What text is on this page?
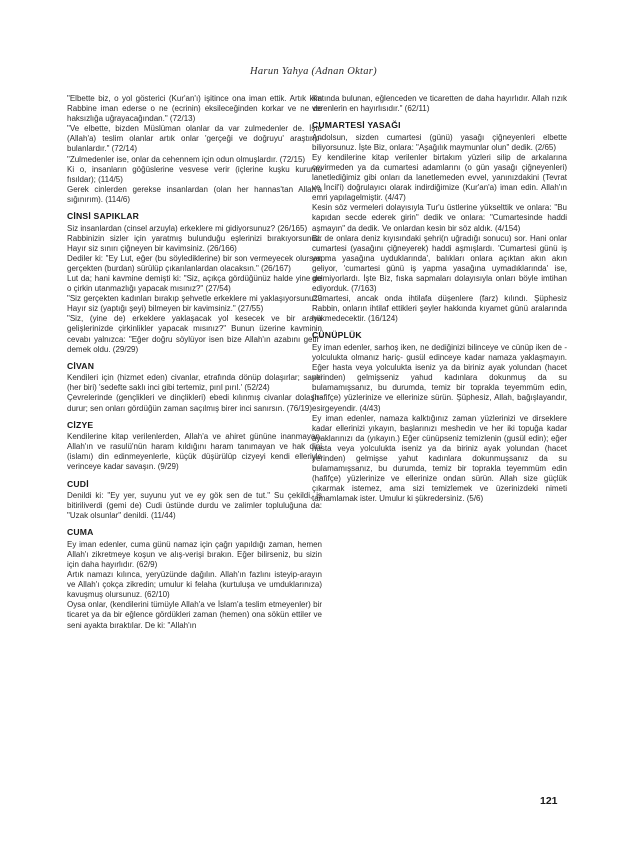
Harun Yahya (Adnan Oktar)

"Elbette biz, o yol gösterici (Kur'an'ı) işitince ona iman ettik. Artık kim Rabbine iman ederse o ne (ecrinin) eksileceğinden korkar ve ne de haksızlığa uğrayacağından." (72/13)

"Ve elbette, bizden Müslüman olanlar da var zulmedenler de. İşte (Allah'a) teslim olanlar artık onlar 'gerçeği ve doğruyu' araştırıp-bulanlardır." (72/14)

"Zulmedenler ise, onlar da cehennem için odun olmuşlardır. (72/15)

Ki o, insanların göğüslerine vesvese verir (içlerine kuşku kuruntu fısıldar); (114/5)

Gerek cinlerden gerekse insanlardan (olan her hannas'tan Allah'a sığınırım). (114/6)

CİNSİ SAPIKLAR

Siz insanlardan (cinsel arzuyla) erkeklere mi gidiyorsunuz? (26/165)

Rabbinizin sizler için yaratmış bulunduğu eşlerinizi bırakıyorsunuz. Hayır siz sınırı çiğneyen bir kavimsiniz. (26/166)

Dediler ki: "Ey Lut, eğer (bu söylediklerine) bir son vermeyecek olursan gerçekten (burdan) sürülüp çıkarılanlardan olacaksın." (26/167)

Lut da; hani kavmine demişti ki: "Siz, açıkça gördüğünüz halde yine de o çirkin utanmazlığı yapacak mısınız?" (27/54)

"Siz gerçekten kadınları bırakıp şehvetle erkeklere mi yaklaşıyorsunuz? Hayır siz (yaptığı şeyi) bilmeyen bir kavimsiniz." (27/55)

"Siz, (yine de) erkeklere yaklaşacak yol kesecek ve bir araya gelişlerinizde çirkinlikler yapacak mısınız?" Bunun üzerine kavminin cevabı yalnızca: "Eğer doğru söylüyor isen bize Allah'ın azabını getir" demek oldu. (29/29)

CİVAN

Kendileri için (hizmet eden) civanlar, etrafında dönüp dolaşırlar; sanki (her biri) 'sedefte saklı inci gibi tertemiz, pırıl pırıl.' (52/24)

Çevrelerinde (gençlikleri ve dinçlikleri) ebedi kılınmış civanlar dolaşır-durur; sen onları gördüğün zaman saçılmış birer inci sanırsın. (76/19)

CİZYE

Kendilerine kitap verilenlerden, Allah'a ve ahiret gününe inanmayan, Allah'ın ve rasulü'nün haram kıldığını haram tanımayan ve hak dini (islamı) din edinmeyenlerle, küçük düşürülüp cizyeyi kendi elleriyle verinceye kadar savaşın. (9/29)

CUDİ

Denildi ki: "Ey yer, suyunu yut ve ey gök sen de tut." Su çekildi, iş bitiriliverdi (gemi de) Cudi üstünde durdu ve zalimler topluluğuna da: "Uzak olsunlar" denildi. (11/44)

CUMA

Ey iman edenler, cuma günü namaz için çağrı yapıldığı zaman, hemen Allah'ı zikretmeye koşun ve alış-verişi bırakın. Eğer bilirseniz, bu sizin için daha hayırlıdır. (62/9)

Artık namazı kılınca, yeryüzünde dağılın. Allah'ın fazlını isteyip-arayın ve Allah'ı çokça zikredin; umulur ki felaha (kurtuluşa ve umduklarınıza) kavuşmuş olursunuz. (62/10)

Oysa onlar, (kendilerini tümüyle Allah'a ve İslam'a teslim etmeyenler) bir ticaret ya da bir eğlence gördükleri zaman (hemen) ona sökün ettiler ve seni ayakta bıraktılar. De ki: "Allah'ın

Katında bulunan, eğlenceden ve ticaretten de daha hayırlıdır. Allah rızık verenlerin en hayırlısıdır." (62/11)

CUMARTESİ YASAĞI

Andolsun, sizden cumartesi (günü) yasağı çiğneyenleri elbette biliyorsunuz. İşte Biz, onlara: "Aşağılık maymunlar olun" dedik. (2/65)

Ey kendilerine kitap verilenler birtakım yüzleri silip de arkalarına çevirmeden ya da cumartesi adamlarını (o gün yasağı çiğneyenleri) lanetlediğimiz gibi onları da lanetlemeden evvel, yanınızdakini (Tevrat ve İncil'i) doğrulayıcı olarak indirdiğimize (Kur'an'a) iman edin. Allah'ın emri yapılagelmiştir. (4/47)

Kesin söz vermeleri dolayısıyla Tur'u üstlerine yükselttik ve onlara: "Bu kapıdan secde ederek girin" dedik ve onlara: "Cumartesinde haddi aşmayın" da dedik. Ve onlardan kesin bir söz aldık. (4/154)

Bir de onlara deniz kıyısındaki şehri(n uğradığı sonucu) sor. Hani onlar cumartesi (yasağını çiğneyerek) haddi aşmışlardı. 'Cumartesi günü iş yapma yasağına uyduklarında', balıkları onlara açıktan akın akın geliyor, 'cumartesi günü iş yapma yasağına uymadıklarında' ise, gelmiyorlardı. İşte Biz, fıska sapmaları dolayısıyla onları böyle imtihan ediyorduk. (7/163)

Cumartesi, ancak onda ihtilafa düşenlere (farz) kılındı. Şüphesiz Rabbin, onların ihtilaf ettikleri şeyler hakkında kıyamet günü aralarında hükmedecektir. (16/124)

CÜNÜPLÜK

Ey iman edenler, sarhoş iken, ne dediğinizi bilinceye ve cünüp iken de -yolculukta olmanız hariç- gusül edinceye kadar namaza yaklaşmayın. Eğer hasta veya yolculukta iseniz ya da biriniz ayak yolundan (hacet yerinden) gelmişseniz yahud kadınlara dokunmuş da su bulamamışsanız, bu durumda, temiz bir toprakla teyemmüm edin, (hafifçe) yüzlerinize ve ellerinize sürün. Şüphesiz, Allah, bağışlayandır, esirgeyendir. (4/43)

Ey iman edenler, namaza kalktığınız zaman yüzlerinizi ve dirseklere kadar ellerinizi yıkayın, başlarınızı meshedin ve her iki topuğa kadar ayaklarınızı da (yıkayın.) Eğer cünüpseniz temizlenin (gusül edin); eğer hasta veya yolculukta iseniz ya da biriniz ayak yolundan (hacet yerinden) gelmişse yahut kadınlara dokunmuşsanız da su bulamamışsanız, bu durumda, temiz bir toprakla teyemmüm edin (hafifçe) yüzlerinize ve ellerinize ondan sürün. Allah size güçlük çıkarmak istemez, ama sizi temizlemek ve üzerinizdeki nimeti tamamlamak ister. Umulur ki şükredersiniz. (5/6)

121
